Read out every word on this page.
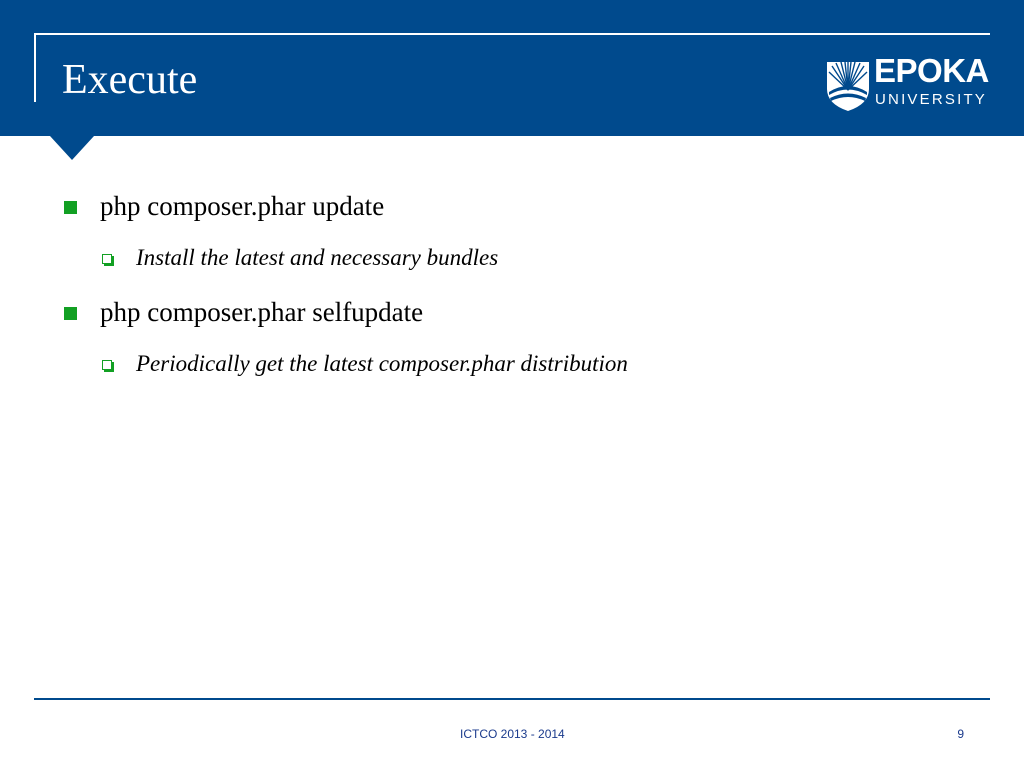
Execute	EPOKA
UNIVERSITY
php composer.phar update
Install the latest and necessary bundles
php composer.phar selfupdate
Periodically get the latest composer.phar distribution
ICTCO 2013 - 2014	9
